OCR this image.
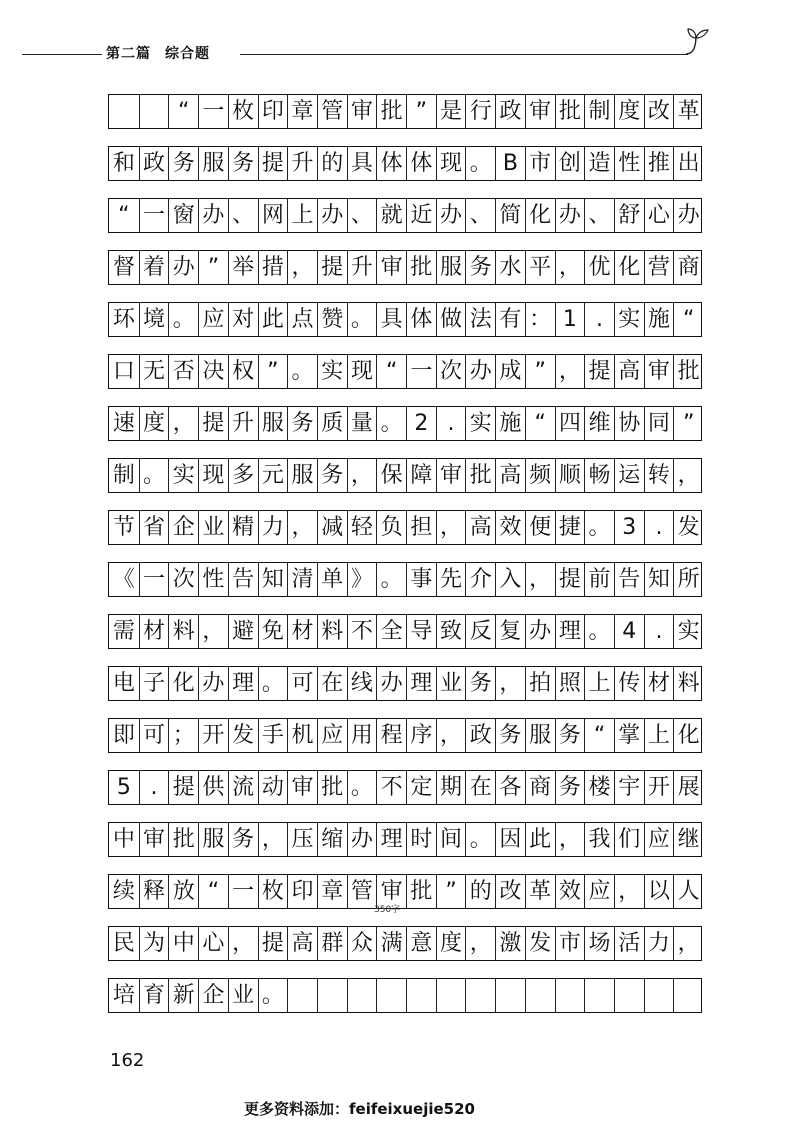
第二篇 综合题
“ 一 枚 印 章 管 审 批 ” 是 行 政 审 批 制 度 改 革
和 政 务 服 务 提 升 的 具 体 体 现 。 B 市 创 造 性 推 出
“ 一 窗 办 、 网 上 办 、 就 近 办 、 简 化 办 、 舒 心 办
督 着 办 ” 举 措 ， 提 升 审 批 服 务 水 平 ， 优 化 营 商
环 境 。 应 对 此 点 赞 。 具 体 做 法 有 ： 1 . 实 施 “
口 无 否 决 权 ” 。 实 现 “ 一 次 办 成 ” ， 提 高 审 批
速 度 ， 提 升 服 务 质 量 。 2 . 实 施 “ 四 维 协 同 ”
制 。 实 现 多 元 服 务 ， 保 障 审 批 高 频 顺 畅 运 转 ，
节 省 企 业 精 力 ， 减 轻 负 担 ， 高 效 便 捷 。 3 . 发
《 一 次 性 告 知 清 单 》 。 事 先 介 入 ， 提 前 告 知 所
需 材 料 ， 避 免 材 料 不 全 导 致 反 复 办 理 。 4 . 实
电 子 化 办 理 。 可 在 线 办 理 业 务 ， 拍 照 上 传 材 料
即 可 ； 开 发 手 机 应 用 程 序 ， 政 务 服 务 “ 掌 上 化
5 . 提 供 流 动 审 批 。 不 定 期 在 各 商 务 楼 宇 开 展
中 审 批 服 务 ， 压 缩 办 理 时 间 。 因 此 ， 我 们 应 继
续 释 放 “ 一 枚 印 章 管 审 批 ” 的 改 革 效 应 ， 以 人
民 为 中 心 ， 提 高 群 众 满 意 度 ， 激 发 市 场 活 力 ，
培 育 新 企 业 。
350字
162
更多资料添加：feifeixuejie520
